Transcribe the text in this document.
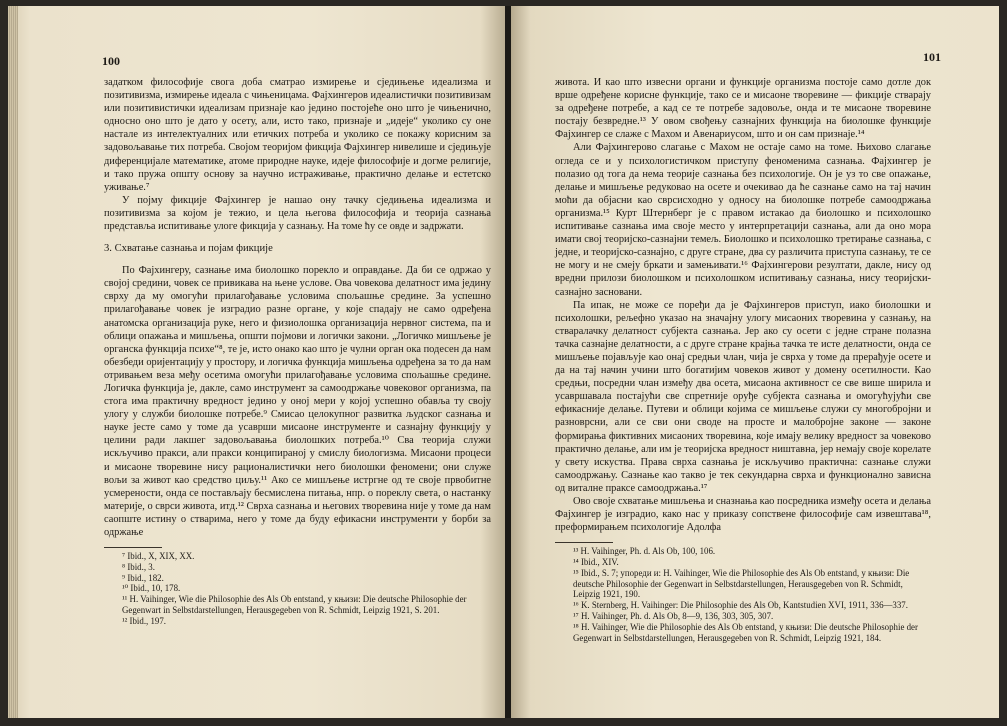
100

задатком философије свога доба сматрао измирење и сједињење идеализма и позитивизма, измирење идеала с чињеницама. Фајхингеров идеалистички позитивизам или позитивистички идеализам признаје као једино постојеће оно што је чињенично, односно оно што је дато у осету, али, исто тако, признаје и „идеје“ уколико су оне настале из интелектуалних или етичких потреба и уколико се покажу корисним за задовољавање тих потреба. Својом теоријом фикција Фајхингер нивелише и сједињује диференцијале математике, атоме природне науке, идеје философије и догме религије, и тако пружа општу основу за научно истраживање, практично делање и естетско уживање.⁷

У појму фикције Фајхингер је нашао ону тачку сједињења идеализма и позитивизма за којом је тежио, и цела његова философија и теорија сазнања представља испитивање улоге фикција у сазнању. На томе ћу се овде и задржати.

3. Схватање сазнања и појам фикције

По Фајхингеру, сазнање има биолошко порекло и оправдање. Да би се одржао у својој средини, човек се привикава на њене услове. Ова човекова делатност има једину сврху да му омогући прилагођавање условима спољашње средине. За успешно прилагођавање човек је изградио разне органе, у које спадају не само одређена анатомска организација руке, него и физиолошка организација нервног система, па и облици опажања и мишљења, општи појмови и логички закони. „Логичко мишљење је органска функција психе“⁸, те је, исто онако као што је чулни орган ока подесен да нам обезбеди оријентацију у простору, и логичка функција мишљења одређена за то да нам отривањем веза међу осетима омогући прилагођавање условима спољашње средине. Логичка функција је, дакле, само инструмент за самоодржање човековог организма, па стога има практичну вредност једино у оној мери у којој успешно обавља ту своју улогу у служби биолошке потребе.⁹ Смисао целокупног развитка људског сазнања и науке јесте само у томе да усаврши мисаоне инструменте и сазнајну функцију у целини ради лакшег задовољавања биолошких потреба.¹⁰ Сва теорија служи искључиво пракси, али пракси конципираној у смислу биологизма. Мисаони процеси и мисаоне творевине нису рационалистички него биолошки феномени; они служе вољи за живот као средство циљу.¹¹ Ако се мишљење истргне од те своје првобитне усмерености, онда се постављају бесмислена питања, нпр. о пореклу света, о настанку материје, о сврси живота, итд.¹² Сврха сазнања и његових творевина није у томе да нам саопште истину о стварима, него у томе да буду ефикасни инструменти у борби за одржање

⁷ Ibid., X, XIX, XX.
⁸ Ibid., 3.
⁹ Ibid., 182.
¹⁰ Ibid., 10, 178.
¹¹ H. Vaihinger, Wie die Philosophie des Als Ob entstand, у књизи: Die deutsche Philosophie der Gegenwart in Selbstdarstellungen, Herausgegeben von R. Schmidt, Leipzig 1921, S. 201.
¹² Ibid., 197.
101

живота. И као што извесни органи и функције организма постоје само дотле док врше одређене корисне функције, тако се и мисаоне творевине — фикције стварају за одређене потребе, а кад се те потребе задовоље, онда и те мисаоне творевине постају безвредне.¹³ У овом свођењу сазнајних функција на биолошке функције Фајхингер се слаже с Махом и Авенариусом, што и он сам признаје.¹⁴

Али Фајхингерово слагање с Махом не остаје само на томе. Њихово слагање огледа се и у психологистичком приступу феноменима сазнања. Фајхингер је полазио од тога да нема теорије сазнања без психологије. Он је уз то све опажање, делање и мишљење редуковао на осете и очекивао да ће сазнање само на тај начин моћи да објасни као сврсисходно у односу на биолошке потребе самоодржања организма.¹⁵ Курт Штернберг је с правом истакао да биолошко и психолошко испитивање сазнања има своје место у интерпретацији сазнања, али да оно мора имати свој теоријско-сазнајни темељ. Биолошко и психолошко третирање сазнања, с једне, и теоријско-сазнајно, с друге стране, два су различита приступа сазнању, те се не могу и не смеју бркати и замењивати.¹⁶ Фајхингерови резултати, дакле, нису од вредни прилози биолошком и психолошком испитивању сазнања, нису теоријски-сазнајно засновани.

Па ипак, не може се поређи да је Фајхингеров приступ, иако биолошки и психолошки, рељефно указао на значајну улогу мисаоних творевина у сазнању, на стваралачку делатност субјекта сазнања. Јер ако су осети с једне стране полазна тачка сазнајне делатности, а с друге стране крајња тачка те исте делатности, онда се мишљење појављује као онај средњи члан, чија је сврха у томе да прерађује осете и да на тај начин учини што богатијим човеков живот у домену осетилности. Као средњи, посредни члан између два осета, мисаона активност се све више ширила и усавршавала постајући све спретније оруђе субјекта сазнања и омогућујући све ефикасније делање. Путеви и облици којима се мишљење служи су многоброjни и разноврсни, али се сви они своде на просте и малобројне законе — законе формирања фиктивних мисаоних творевина, које имају велику вредност за човеково практично делање, али им је теоријска вредност ништавна, јер немају своје корелате у свету искуства. Права сврха сазнања је искључиво практична: сазнање служи самоодржању. Сазнање као такво је тек секундарна сврха и функционално зависна од виталне праксе самоодржања.¹⁷

Ово своје схватање мишљења и сназнања као посредника између осета и делања Фајхингер је изградио, како нас у приказу сопствене философије сам извештава¹⁸, преформирањем психологије Адолфа

¹³ H. Vaihinger, Ph. d. Als Ob, 100, 106.
¹⁴ Ibid., XIV.
¹⁵ Ibid., S. 7; упореди и: H. Vaihinger, Wie die Philosophie des Als Ob entstand, у књизи: Die deutsche Philosophie der Gegenwart in Selbstdarstellungen, Herausgegeben von R. Schmidt, Leipzig 1921, 190.
¹⁶ K. Sternberg, H. Vaihinger: Die Philosophie des Als Ob, Kantstudien XVI, 1911, 336—337.
¹⁷ H. Vaihinger, Ph. d. Als Ob, 8—9, 136, 303, 305, 307.
¹⁸ H. Vaihinger, Wie die Philosophie des Als Ob entstand, у књизи: Die deutsche Philosophie der Gegenwart in Selbstdarstellungen, Herausgegeben von R. Schmidt, Leipzig 1921, 184.
